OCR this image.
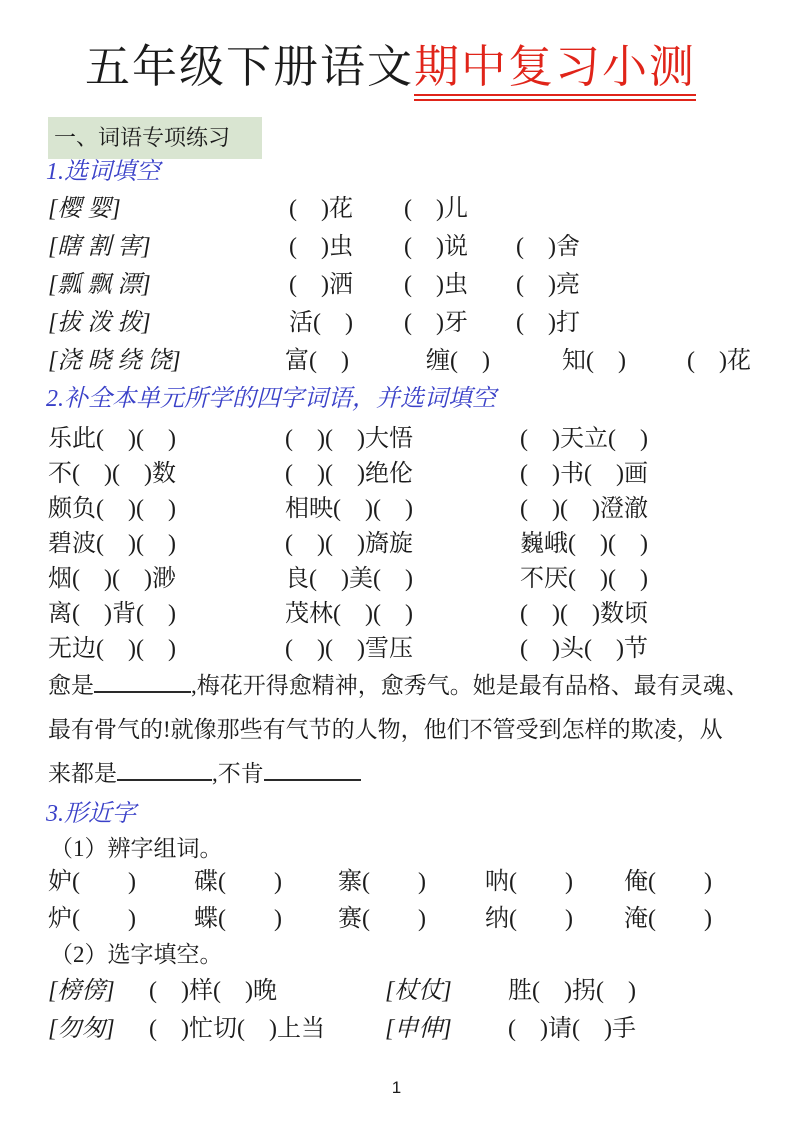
五年级下册语文期中复习小测
一、词语专项练习
1.选词填空
[樱 婴]	(　)花	(　)儿
[瞎 割 害]	(　)虫	(　)说	(　)舍
[瓢 飘 漂]	(　)洒	(　)虫	(　)亮
[拔 泼 拨]	活(　)	(　)牙	(　)打
[浇 晓 绕 饶]	富(　)	缠(　)	知(　)	(　)花
2.补全本单元所学的四字词语，并选词填空
乐此(　)(　)	(　)(　)大悟	(　)天立(　)
不(　)(　)数	(　)(　)绝伦	(　)书(　)画
颇负(　)(　)	相映(　)(　)	(　)(　)澄澈
碧波(　)(　)	(　)(　)旖旋	巍峨(　)(　)
烟(　)(　)渺	良(　)美(　)	不厌(　)(　)
离(　)背(　)	茂林(　)(　)	(　)(　)数顷
无边(　)(　)	(　)(　)雪压	(　)头(　)节
愈是	,梅花开得愈精神，愈秀气。她是最有品格、最有灵魂、
最有骨气的!就像那些有气节的人物，他们不管受到怎样的欺凌，从
来都是	,不肯
3.形近字
（1）辨字组词。
妒(　　)	碟(　　)	寨(　　)	呐(　　)	俺(　　)
炉(　　)	蝶(　　)	赛(　　)	纳(　　)	淹(　　)
（2）选字填空。
[榜傍]	(　)样(　)晚	[杖仗]	胜(　)拐(　)
[勿匆]	(　)忙切(　)上当	[申伸]	(　)请(　)手
1
